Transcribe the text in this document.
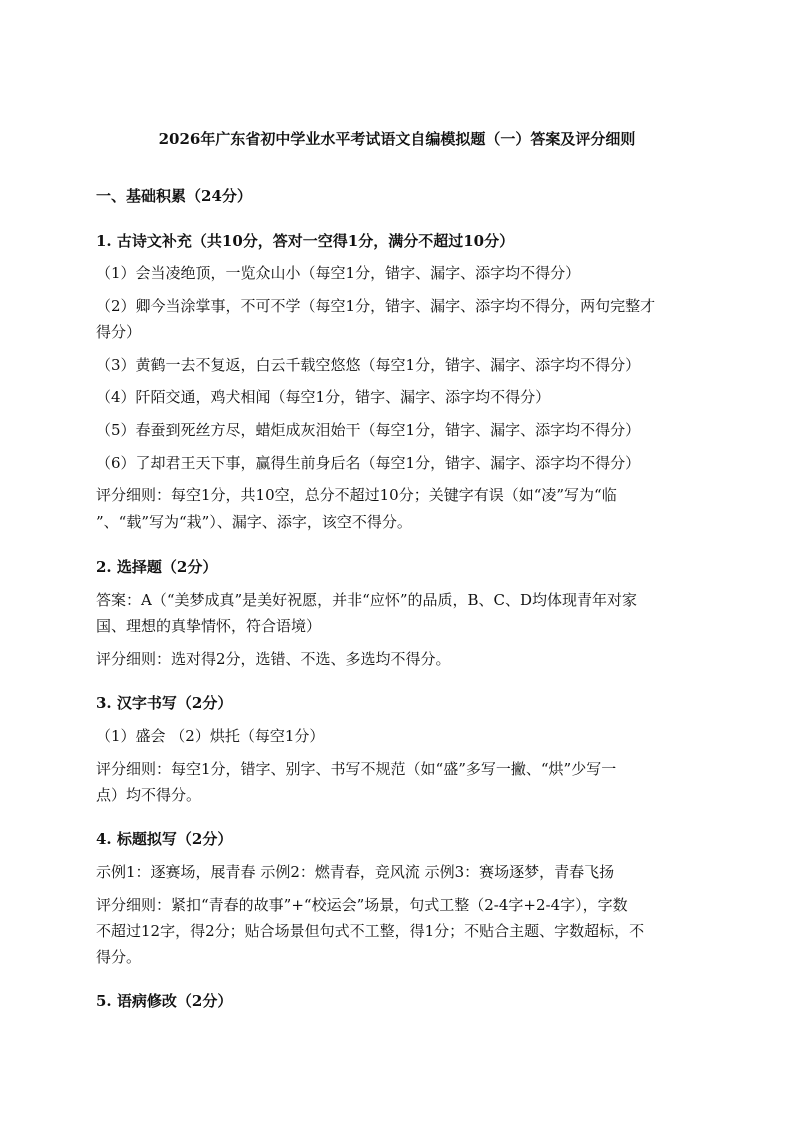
2026年广东省初中学业水平考试语文自编模拟题（一）答案及评分细则
一、基础积累（24分）
1. 古诗文补充（共10分，答对一空得1分，满分不超过10分）
（1）会当凌绝顶，一览众山小（每空1分，错字、漏字、添字均不得分）
（2）卿今当涂掌事，不可不学（每空1分，错字、漏字、添字均不得分，两句完整才
得分）
（3）黄鹤一去不复返，白云千载空悠悠（每空1分，错字、漏字、添字均不得分）
（4）阡陌交通，鸡犬相闻（每空1分，错字、漏字、添字均不得分）
（5）春蚕到死丝方尽，蜡炬成灰泪始干（每空1分，错字、漏字、添字均不得分）
（6）了却君王天下事，赢得生前身后名（每空1分，错字、漏字、添字均不得分）
评分细则：每空1分，共10空，总分不超过10分；关键字有误（如“凌”写为“临
”、“载”写为“栽”）、漏字、添字，该空不得分。
2. 选择题（2分）
答案：A（“美梦成真”是美好祝愿，并非“应怀”的品质，B、C、D均体现青年对家
国、理想的真挚情怀，符合语境）
评分细则：选对得2分，选错、不选、多选均不得分。
3. 汉字书写（2分）
（1）盛会 （2）烘托（每空1分）
评分细则：每空1分，错字、别字、书写不规范（如“盛”多写一撇、“烘”少写一
点）均不得分。
4. 标题拟写（2分）
示例1：逐赛场，展青春 示例2：燃青春，竞风流 示例3：赛场逐梦，青春飞扬
评分细则：紧扣“青春的故事”+“校运会”场景，句式工整（2-4字+2-4字），字数
不超过12字，得2分；贴合场景但句式不工整，得1分；不贴合主题、字数超标，不
得分。
5. 语病修改（2分）
